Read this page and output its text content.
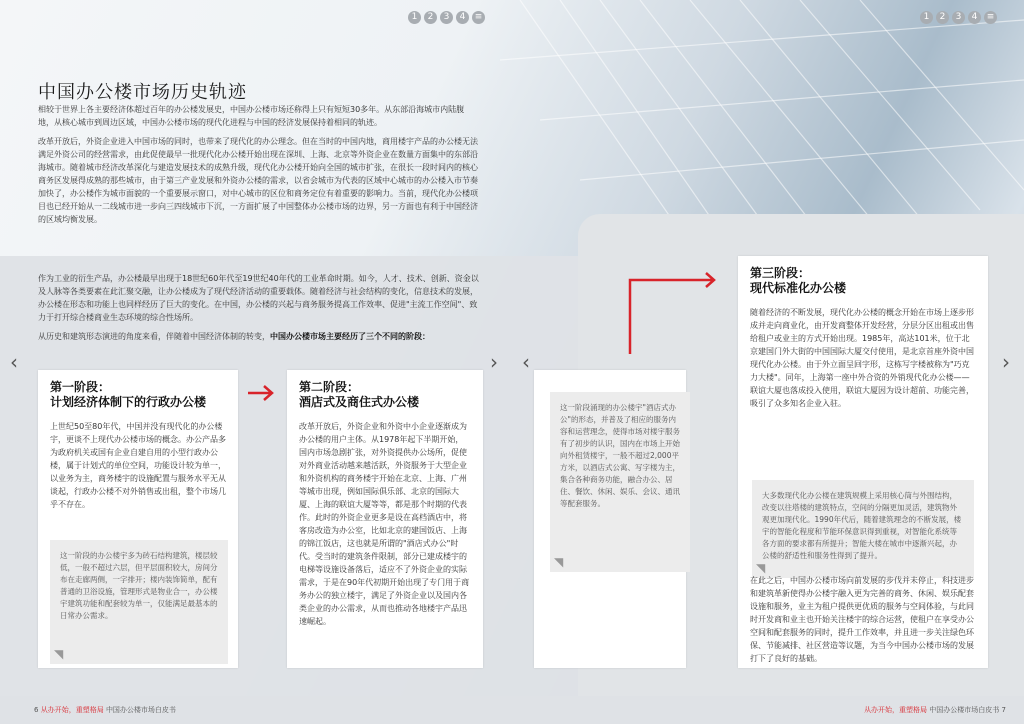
1	2	3	4	≡	1	2	3	4	≡
中国办公楼市场历史轨迹

相较于世界上各主要经济体超过百年的办公楼发展史，中国办公楼市场还称得上只有短短30多年。从东部沿海城市内陆腹地，从核心城市到周边区域，中国办公楼市场的现代化进程与中国的经济发展保持着相同的轨迹。

改革开放后，外资企业进入中国市场的同时，也带来了现代化的办公理念。但在当时的中国内地，商用楼宇产品的办公楼无法满足外资公司的经营需求，由此促使最早一批现代化办公楼开始出现在深圳、上海、北京等外资企业在数量方面集中的东部沿海城市。随着城市经济改革深化与建造发展技术的成熟升级，现代化办公楼开始向全国的城市扩张，在很长一段时间内的核心商务区发展得成熟的那些城市，由于第三产业发展和外资办公楼的需求，以省会城市为代表的区域中心城市的办公楼入市节奏加快了，办公楼作为城市面貌的一个重要展示窗口，对中心城市的区位和商务定位有着重要的影响力。当前，现代化办公楼项目也已经开始从一二线城市进一步向三四线城市下沉，一方面扩展了中国整体办公楼市场的边界，另一方面也有利于中国经济的区域均衡发展。

作为工业的衍生产品，办公楼最早出现于18世纪60年代至19世纪40年代的工业革命时期。如今，人才、技术、创新、资金以及人脉等各类要素在此汇聚交融，让办公楼成为了现代经济活动的重要载体。随着经济与社会结构的变化，信息技术的发展，办公楼在形态和功能上也同样经历了巨大的变化。在中国，办公楼的兴起与商务服务提高工作效率、促进"主流工作空间"、致力于打开综合楼商业生态环境的综合性场所。

从历史和建筑形态演进的角度来看，伴随着中国经济体制的转变，中国办公楼市场主要经历了三个不同的阶段：

‹	› ‹	›
第一阶段：
计划经济体制下的行政办公楼
上世纪50至80年代，中国并没有现代化的办公楼宇，更谈不上现代办公楼市场的概念。办公产品多为政府机关或国有企业自建自用的小型行政办公楼，属于计划式的单位空间，功能设计较为单一，以业务为主，商务楼宇的设施配置与服务水平无从谈起，行政办公楼不对外销售或出租，整个市场几乎不存在。
这一阶段的办公楼宇多为砖石结构建筑，楼层较低，一般不超过六层，但平层面积较大，房间分布在走廊两侧，一字排开；楼内装饰简单，配有普通的卫浴设施，管理形式是物业合一，办公楼宇建筑功能和配套较为单一，仅能满足最基本的日常办公需求。
◥
第二阶段：
酒店式及商住式办公楼
改革开放后，外资企业和外资中小企业逐渐成为办公楼的用户主体。从1978年起下半期开始，国内市场急剧扩张，对外资提供办公场所，促使对外商业活动越来越活跃，外资服务于大型企业和外资机构的商务楼宇开始在北京、上海、广州等城市出现，例如国际俱乐部、北京的国际大厦、上海的联谊大厦等等，都是那个时期的代表作。此时的外资企业更多是设在高档酒店中，将客房改造为办公室，比如北京的建国饭店、上海的锦江饭店，这也就是所谓的"酒店式办公"时代。受当时的建筑条件限制，部分已建成楼宇的电梯等设施设备落后，适应不了外资企业的实际需求，于是在90年代初期开始出现了专门用于商务办公的独立楼宇，满足了外资企业以及国内各类企业的办公需求，从而也推动各地楼宇产品迅速崛起。
这一阶段涌现的办公楼宇"酒店式办公"的形态，并普及了相应的服务内容和运营理念，使得市场对楼宇服务有了初步的认识，国内在市场上开始向外租赁楼宇，一般不超过2,000平方米，以酒店式公寓、写字楼为主，集合各种商务功能，融合办公、居住、餐饮、休闲、娱乐、会议、通讯等配套服务。
◥
第三阶段：
现代标准化办公楼
随着经济的不断发展，现代化办公楼的概念开始在市场上逐步形成并走向商业化，由开发商整体开发经营，分层分区出租或出售给租户或业主的方式开始出现。1985年，高达101米，位于北京建国门外大街的中国国际大厦交付使用，是北京首座外资中国现代化办公楼。由于外立面呈回字形，这栋写字楼被称为"巧克力大楼"。同年，上海第一座中外合资的外销现代化办公楼——联谊大厦也落成投入使用，联谊大厦因为设计超前、功能完善，吸引了众多知名企业入驻。
大多数现代化办公楼在建筑规模上采用核心筒与外围结构，改变以往塔楼的建筑特点，空间的分隔更加灵活，建筑物外观更加现代化。1990年代后，随着建筑理念的不断发展，楼宇的智能化程度和节能环保意识得到重视，对智能化系统等各方面的要求都有所提升；智能大楼在城市中逐渐兴起，办公楼的舒适性和服务性得到了提升。
◥
在此之后，中国办公楼市场向前发展的步伐并未停止，科技进步和建筑革新使得办公楼宇融入更为完善的商务、休闲、娱乐配套设施和服务，业主为租户提供更优质的服务与空间体验，与此同时开发商和业主也开始关注楼宇的综合运营，使租户在享受办公空间和配套服务的同时，提升工作效率，并且进一步关注绿色环保、节能减排、社区营造等议题，为当今中国办公楼市场的发展打下了良好的基础。
6 从办开始，重塑格局 中国办公楼市场白皮书	从办开始，重塑格局 中国办公楼市场白皮书 7
